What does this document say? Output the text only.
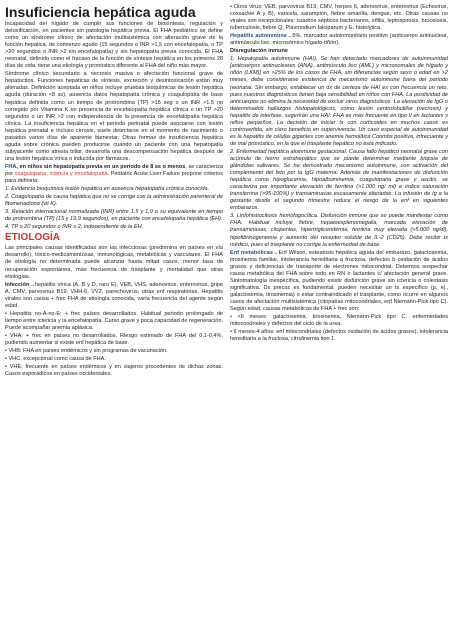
Insuficiencia hepática aguda

Incapacidad del hígado de cumplir sus funciones de biosíntesis, regulación y detoxificación, en pacientes sin patología hepática previa. El FHA pediátrico se define como un síndrome clínico de afectación multisistémica con alteración grave de la función hepática, de comienzo agudo (15 segundos o INR >1,5 con encefalopatía, o TP >20 segundos o INR >2 sin encefalopatía) y sin hepatopatía previa conocida. El FHA neonatal, definido como el fracaso de la función de síntesis hepática en los primeros 28 días de vida, tiene una etiología y pronóstico diferente al FHA del niño más mayor.

Síndrome clínico secundario a necrosis masiva o afectación funcional grave de hepatocitos. Funciones hepáticas de síntesis, excreción y desintoxicación están muy alteradas. Definición aceptada en niños incluye pruebas bioquímicas de lesión hepática aguda (duración <8 ss), ausencia datos hepatopatía crónica y coagulopatía de base hepática definida como un tiempo de protrombina (TP) >15 seg o un INR >1.5 no corregido por Vitamina K en presencia de encefalopatía hepática clínica o un TP >20 segundos o un INR >2 con independencia de la presencia de encefalopatía hepática clínica. La insuficiencia hepática en el periodo perinatal puede asociarse con lesión hepática prenatal e incluso cirrosis, suele detectarse en el momento de nacimiento o pasados varios días de aparente bienestar. Otras formas de insuficiencia hepática aguda sobre crónica pueden producirse cuando un paciente con una hepatopatía subyacente como atresia biliar, desarrolla una descompensación hepática después de una lesión hepática vírica o inducida por fármacos.

FHA, en niños sin hepatopatía previa en un periodo de 8 ss o menos, se caracteriza por coagulopatía, ictericia y encefalopatía. Pediatric Acute Liver Failure propone criterios para definirla:

1. Evidencia bioquímica lesión hepática en ausencia hepatopatía crónica conocida.

2. Coagulopatía de causa hepática que no se corrige con la administración parenteral de fitomenadiona (vit K).

3. Relación internacional normalizada (INR) entre 1,5 y 1,9 o su equivalente en tiempo de protrombina (TP) (15 y 19,9 segundos), en paciente con encefalopatía hepática (EH).

4. TP ≥ 20 segundos o INR ≥ 2, independiente de la EH.

ETIOLOGÍA

Las principales causas identificadas son las infecciosas (predomina en países en vía desarrollo), tóxico-medicamentosas, inmunológicas, metabólicas y vasculares. El FHA de etiología no determinada puede alcanzar hasta mitad casos, menor tasa de recuperación espontánea, más frecuencia de trasplante y mortalidad que otras etiologías.

Infección→hepatitis vírica (A, B y D, raro E), VEB, VHS, adenovirus, enterovirus, gripe A, CMV, parvovirus B19, VHH-6, VVZ, parechovirus, otras enf respiratorias. Hepatitis virales son causa + frec FHA de etiología conocida, varía frecuencia del agente según edad.

• Hepatitis no-A-no-E: + frec países desarrollados. Habitual periodo prolongado de tiempo entre ictericia y la encefalopatía. Curso grave y poca capacidad de regeneración. Puede acompañar anemia aplásica.

• VHA: + frec en países no desarrollados. Riesgo estimado de FHA del 0,1-0,4%, pudiendo aumentar si existe enf hepática de base.

• VHB: FHA en países endémicos y sin programas de vacunación.

• VHC, excepcional como causa de FHA.

• VHE: frecuente en países endémicos y en viajeros procedentes de dichas zonas. Casos esporádicos en países occidentales.

• Otros virus: VEB, parvovirus B19, CMV, herpes 6, adenovirus, enterovirus (Echovirus, coxsackie A y B), varicela, sarampión, fiebre amarilla, dengue, etc. Otras causas no virales son excepcionales: cuadros sépticos bacterianos, sífilis, leptospirosis, brucelosis, tuberculosis, fiebre Q, Plasmodium falciparum y E. histolytica.

Hepatitis autoinmune→5%, marcador autoinmunitario positivo (anticuerpo antinuclear, antimúsculo liso, microsómico hígado-riñón).

Disregulación inmune

1. Hepatopatía autoinmune (HAI). Se han detectado marcadores de autoinmunidad [anticuerpos antinucleares (ANA), antimúsculo liso (AML) y microsomales de hígado y riñón (LKM)] en >25% de los casos de FHA, sin diferencias según sexo o edad en >2 meses, debe considerarse existencia de mecanismo autoinmune fuera del periodo neonatal. Sin embargo, establecer un dx de certeza de HAI es con frecuencia un reto, pues nuestros diagnósticos tienen baja sensibilidad en niños con FHA. La positividad de anticuerpos no elimina la necesidad de excluir otros diagnósticos. La elevación de IgG o determinados hallazgos histopatológicos, como lesión centrolobulillar (necrosis) y hepatitis de interfase, sugerirán una HAI. FHA es más frecuente en tipo II en lactantes y niños pequeños. La decisión de iniciar tx con corticoides en muchos casos es controvertida, sin claro beneficio en supervivencia. Un caso especial de autoinmunidad es la hepatitis de células gigantes con anemia hemolítica Coombs positiva, infrecuente y de mal pronóstico, en la que el trasplante hepático no está indicado.

2. Enfermedad hepática aloinmune gestacional. Causa fallo hepático neonatal grave con acúmulo de hierro extrahepático que se puede determinar mediante biopsia de glándulas salivares. Se ha demostrado mecanismo autoinmune, con activación del complemento del feto por la IgG materna. Además de manifestaciones de disfunción hepática como hipoglucemia, hipoalbuminemia, coagulopatía grave y ascitis, se caracteriza por importante elevación de ferritina (>1.000 ng/ ml) e índice saturación transferrina (>95-100%) y transaminasas escasamente alteradas. La infusión de Ig a la gestante desde el segundo trimestre reduce el riesgo de la enf en siguientes embarazos.

3. Linfohistiocitosis hemofagocítica. Disfunción inmune que se puede manifestar como FHA. Habitual incluye fiebre, hepatoesplenomegalia, marcada elevación de transaminasas, citopenias, hipertrigliceridemia, ferritina muy elevada (>5.000 ng/dl), hipofibrinogenemia y aumento del receptor soluble de IL-2 (CD25). Debe recibir tx médico, pues el trasplante no corrige la enfermedad de base.

Enf metabólicas→Enf Wilson, esteatosis hepática aguda del embarazo, galactosemia, tirosinemia familiar, intolerancia hereditaria a fructosa, defectos b oxidación de ácidos grasos y deficiencias de transporte de electrones mitocondrial. Debemos sospechar causa metabólica del FHA sobre todo en RN o lactantes c/ afectación general grave. Sintomatología inespecífica, pudiendo existir disfunción grave sin ictericia o colestasis significativa. Dx precoz es fundamental, pueden necesitar un tx específico (p. ej., galactosemia, tirosinemia) o estar contraindicado el trasplante, como ocurre en algunos casos de afectación multisistémica (citopatías mitocondriales, enf Niemann-Pick tipo C). Según edad, causas metabólicas de FHA + frec son:

• <6 meses: galactosemia, tirosinemia, Niemann-Pick tipo C, enfermedades mitocondriales y defectos del ciclo de la urea.

• 6 meses-4 años: enf mitocondriales (defectos oxidación de ácidos grasos), intolerancia hereditaria a la fructosa, citrulinemia tipo 1.
